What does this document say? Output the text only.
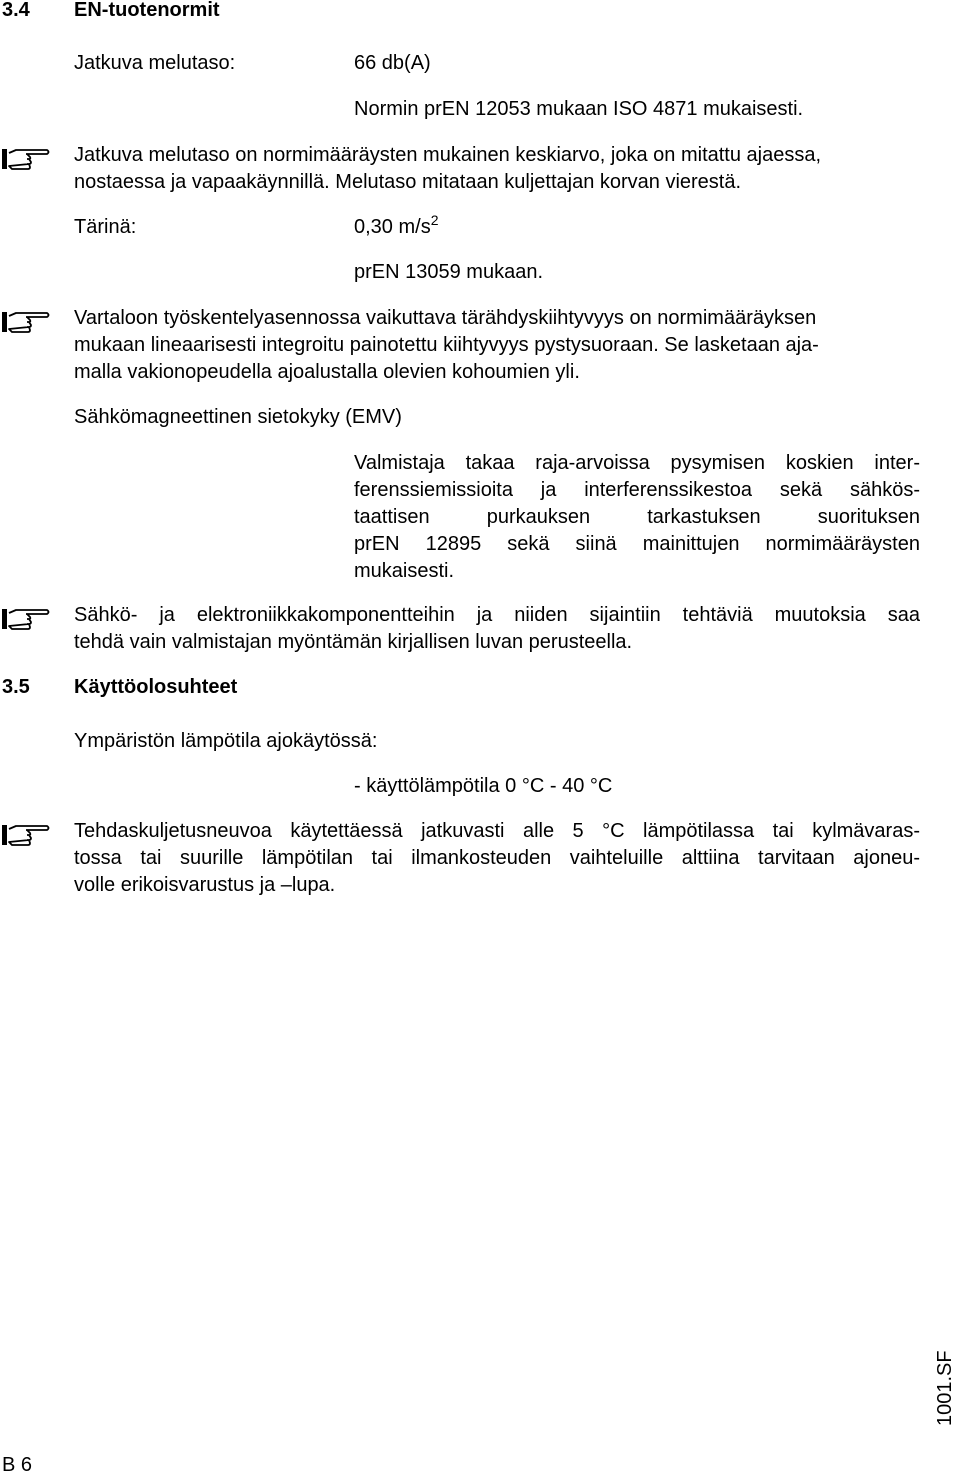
3.4 EN-tuotenormit
Jatkuva melutaso:	66 db(A)
Normin prEN 12053 mukaan ISO 4871 mukaisesti.
Jatkuva melutaso on normimääräysten mukainen keskiarvo, joka on mitattu ajaessa,
nostaessa ja vapaakäynnillä. Melutaso mitataan kuljettajan korvan vierestä.
Tärinä:	0,30 $m/s^2$
prEN 13059 mukaan.
Vartaloon työskentelyasennossa vaikuttava tärähdyskiihtyvyys on normimääräyksen
mukaan lineaarisesti integroitu painotettu kiihtyvyys pystysuoraan. Se lasketaan aja-
malla vakionopeudella ajoalustalla olevien kohoumien yli.
Sähkömagneettinen sietokyky (EMV)
Valmistaja takaa raja-arvoissa pysymisen koskien inter-
ferenssiemissioita ja interferenssikestoa sekä sähkös-
taattisen purkauksen tarkastuksen suorituksen
prEN 12895 sekä siinä mainittujen normimääräysten
mukaisesti.
Sähkö- ja elektroniikkakomponentteihin ja niiden sijaintiin tehtäviä muutoksia saa
tehdä vain valmistajan myöntämän kirjallisen luvan perusteella.
3.5 Käyttöolosuhteet
Ympäristön lämpötila ajokäytössä:
- käyttölämpötila 0 °C - 40 °C
Tehdaskuljetusneuvoa käytettäessä jatkuvasti alle 5 °C lämpötilassa tai kylmävaras-
tossa tai suurille lämpötilan tai ilmankosteuden vaihteluille alttiina tarvitaan ajoneu-
volle erikoisvarustus ja –lupa.
1001.SF
B 6
